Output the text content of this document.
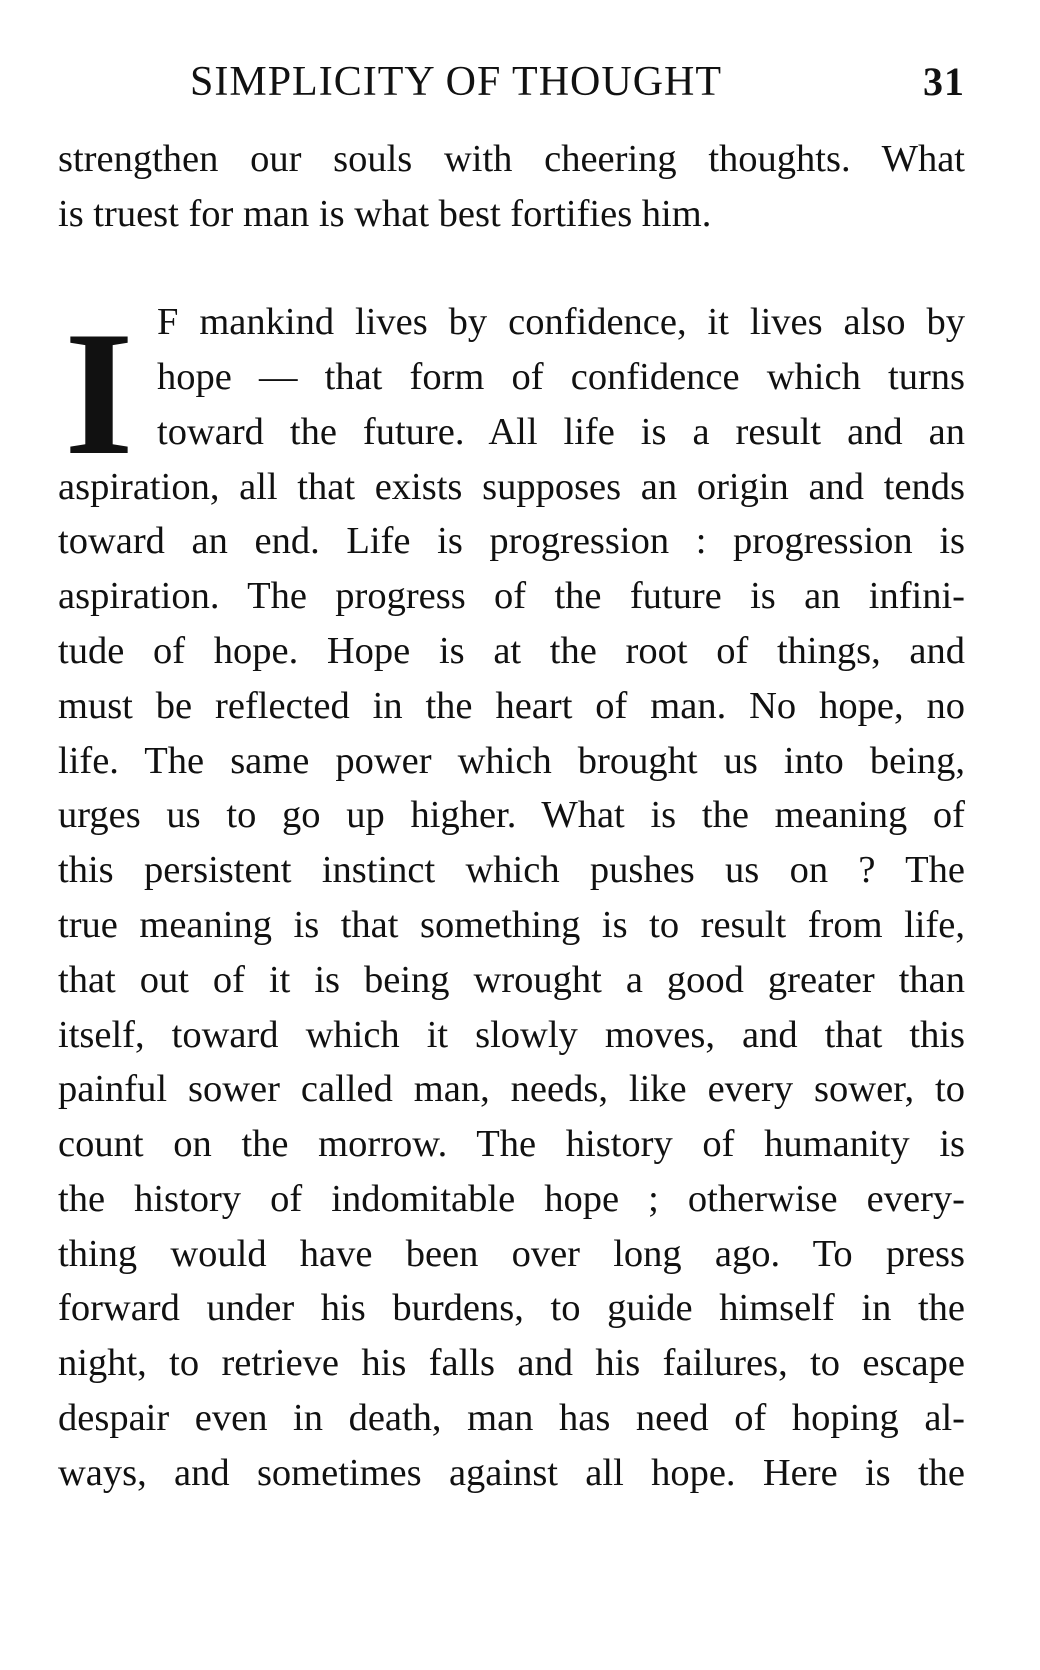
SIMPLICITY OF THOUGHT	31
strengthen our souls with cheering thoughts. What
is truest for man is what best fortifies him.
I F mankind lives by confidence, it lives also by
hope — that form of confidence which turns
toward the future. All life is a result and an
aspiration, all that exists supposes an origin and tends
toward an end. Life is progression : progression is
aspiration. The progress of the future is an infini-
tude of hope. Hope is at the root of things, and
must be reflected in the heart of man. No hope, no
life. The same power which brought us into being,
urges us to go up higher. What is the meaning of
this persistent instinct which pushes us on ? The
true meaning is that something is to result from life,
that out of it is being wrought a good greater than
itself, toward which it slowly moves, and that this
painful sower called man, needs, like every sower, to
count on the morrow. The history of humanity is
the history of indomitable hope ; otherwise every-
thing would have been over long ago. To press
forward under his burdens, to guide himself in the
night, to retrieve his falls and his failures, to escape
despair even in death, man has need of hoping al-
ways, and sometimes against all hope. Here is the
